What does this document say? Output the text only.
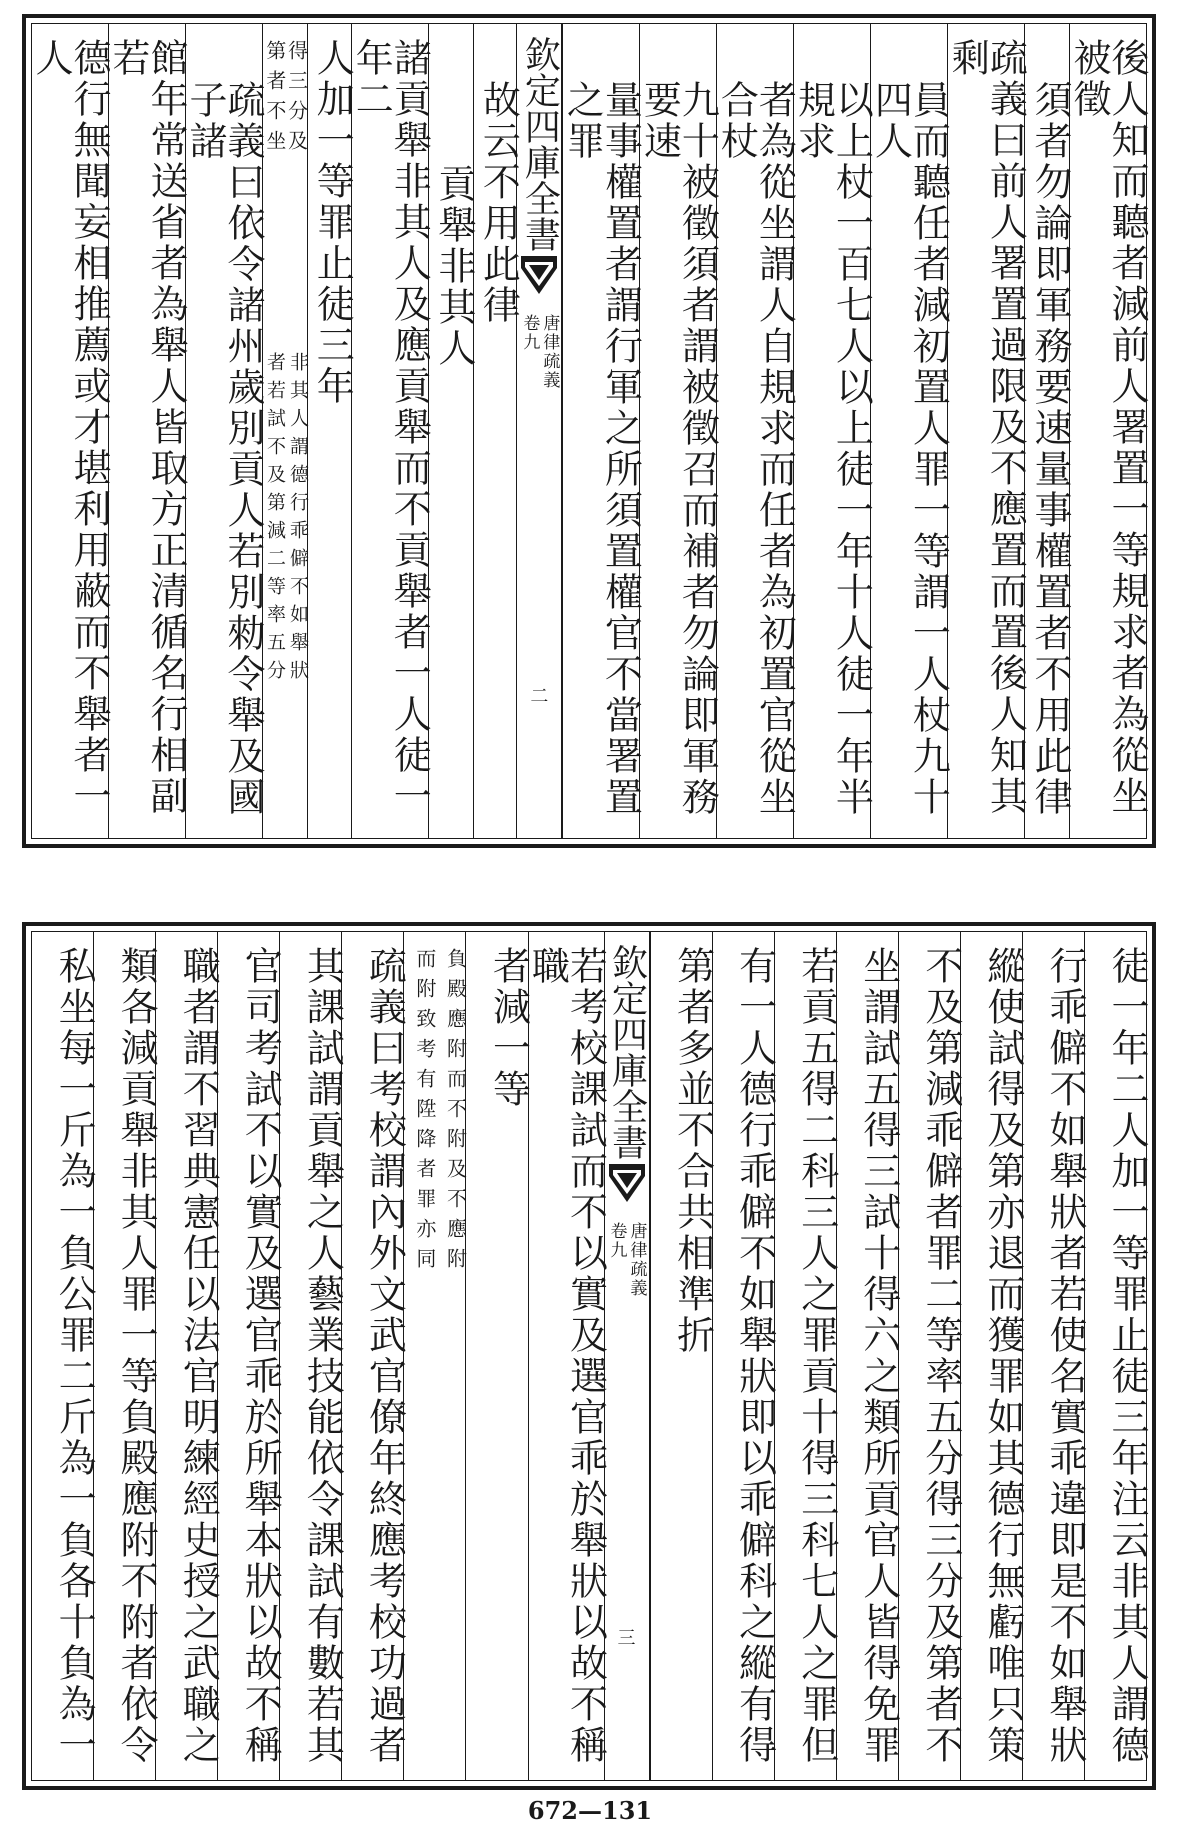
後人知而聽者減前人署置一等規求者為從坐被徵
須者勿論即軍務要速量事權置者不用此律
疏義曰前人署置過限及不應置而置後人知其剩
員而聽任者減初置人罪一等謂一人杖九十四人
以上杖一百七人以上徒一年十人徒一年半規求
者為從坐謂人自規求而任者為初置官從坐合杖
九十被徵須者謂被徵召而補者勿論即軍務要速
量事權置者謂行軍之所須置權官不當署置之罪
欽定四庫全書
卷九 唐律疏義
二
故云不用此律
貢舉非其人
諸貢舉非其人及應貢舉而不貢舉者一人徒一年二
人加一等罪止徒三年
得三分及
第者不坐
疏義曰依令諸州歲別貢人若別勑令舉及國子諸
館年常送省者為舉人皆取方正清循名行相副若
德行無聞妄相推薦或才堪利用蔽而不舉者一人
徒一年二人加一等罪止徒三年注云非其人謂德
行乖僻不如舉狀者若使名實乖違即是不如舉狀
縱使試得及第亦退而獲罪如其德行無虧唯只策
不及第減乖僻者罪二等率五分得三分及第者不
坐謂試五得三試十得六之類所貢官人皆得免罪
若貢五得二科三人之罪貢十得三科七人之罪但
有一人德行乖僻不如舉狀即以乖僻科之縱有得
第者多並不合共相準折
欽定四庫全書
卷九 唐律疏義
三
若考校課試而不以實及選官乖於舉狀以故不稱職
者減一等
負殿應附而不附及不應附
而附致考有陞降者罪亦同
疏義曰考校謂內外文武官僚年終應考校功過者
其課試謂貢舉之人藝業技能依令課試有數若其
官司考試不以實及選官乖於所舉本狀以故不稱
職者謂不習典憲任以法官明練經史授之武職之
類各減貢舉非其人罪一等負殿應附不附者依令
私坐每一斤為一負公罪二斤為一負各十負為一
非其人謂德行乖僻不如舉狀
者若試不及第減二等率五分
672—131
